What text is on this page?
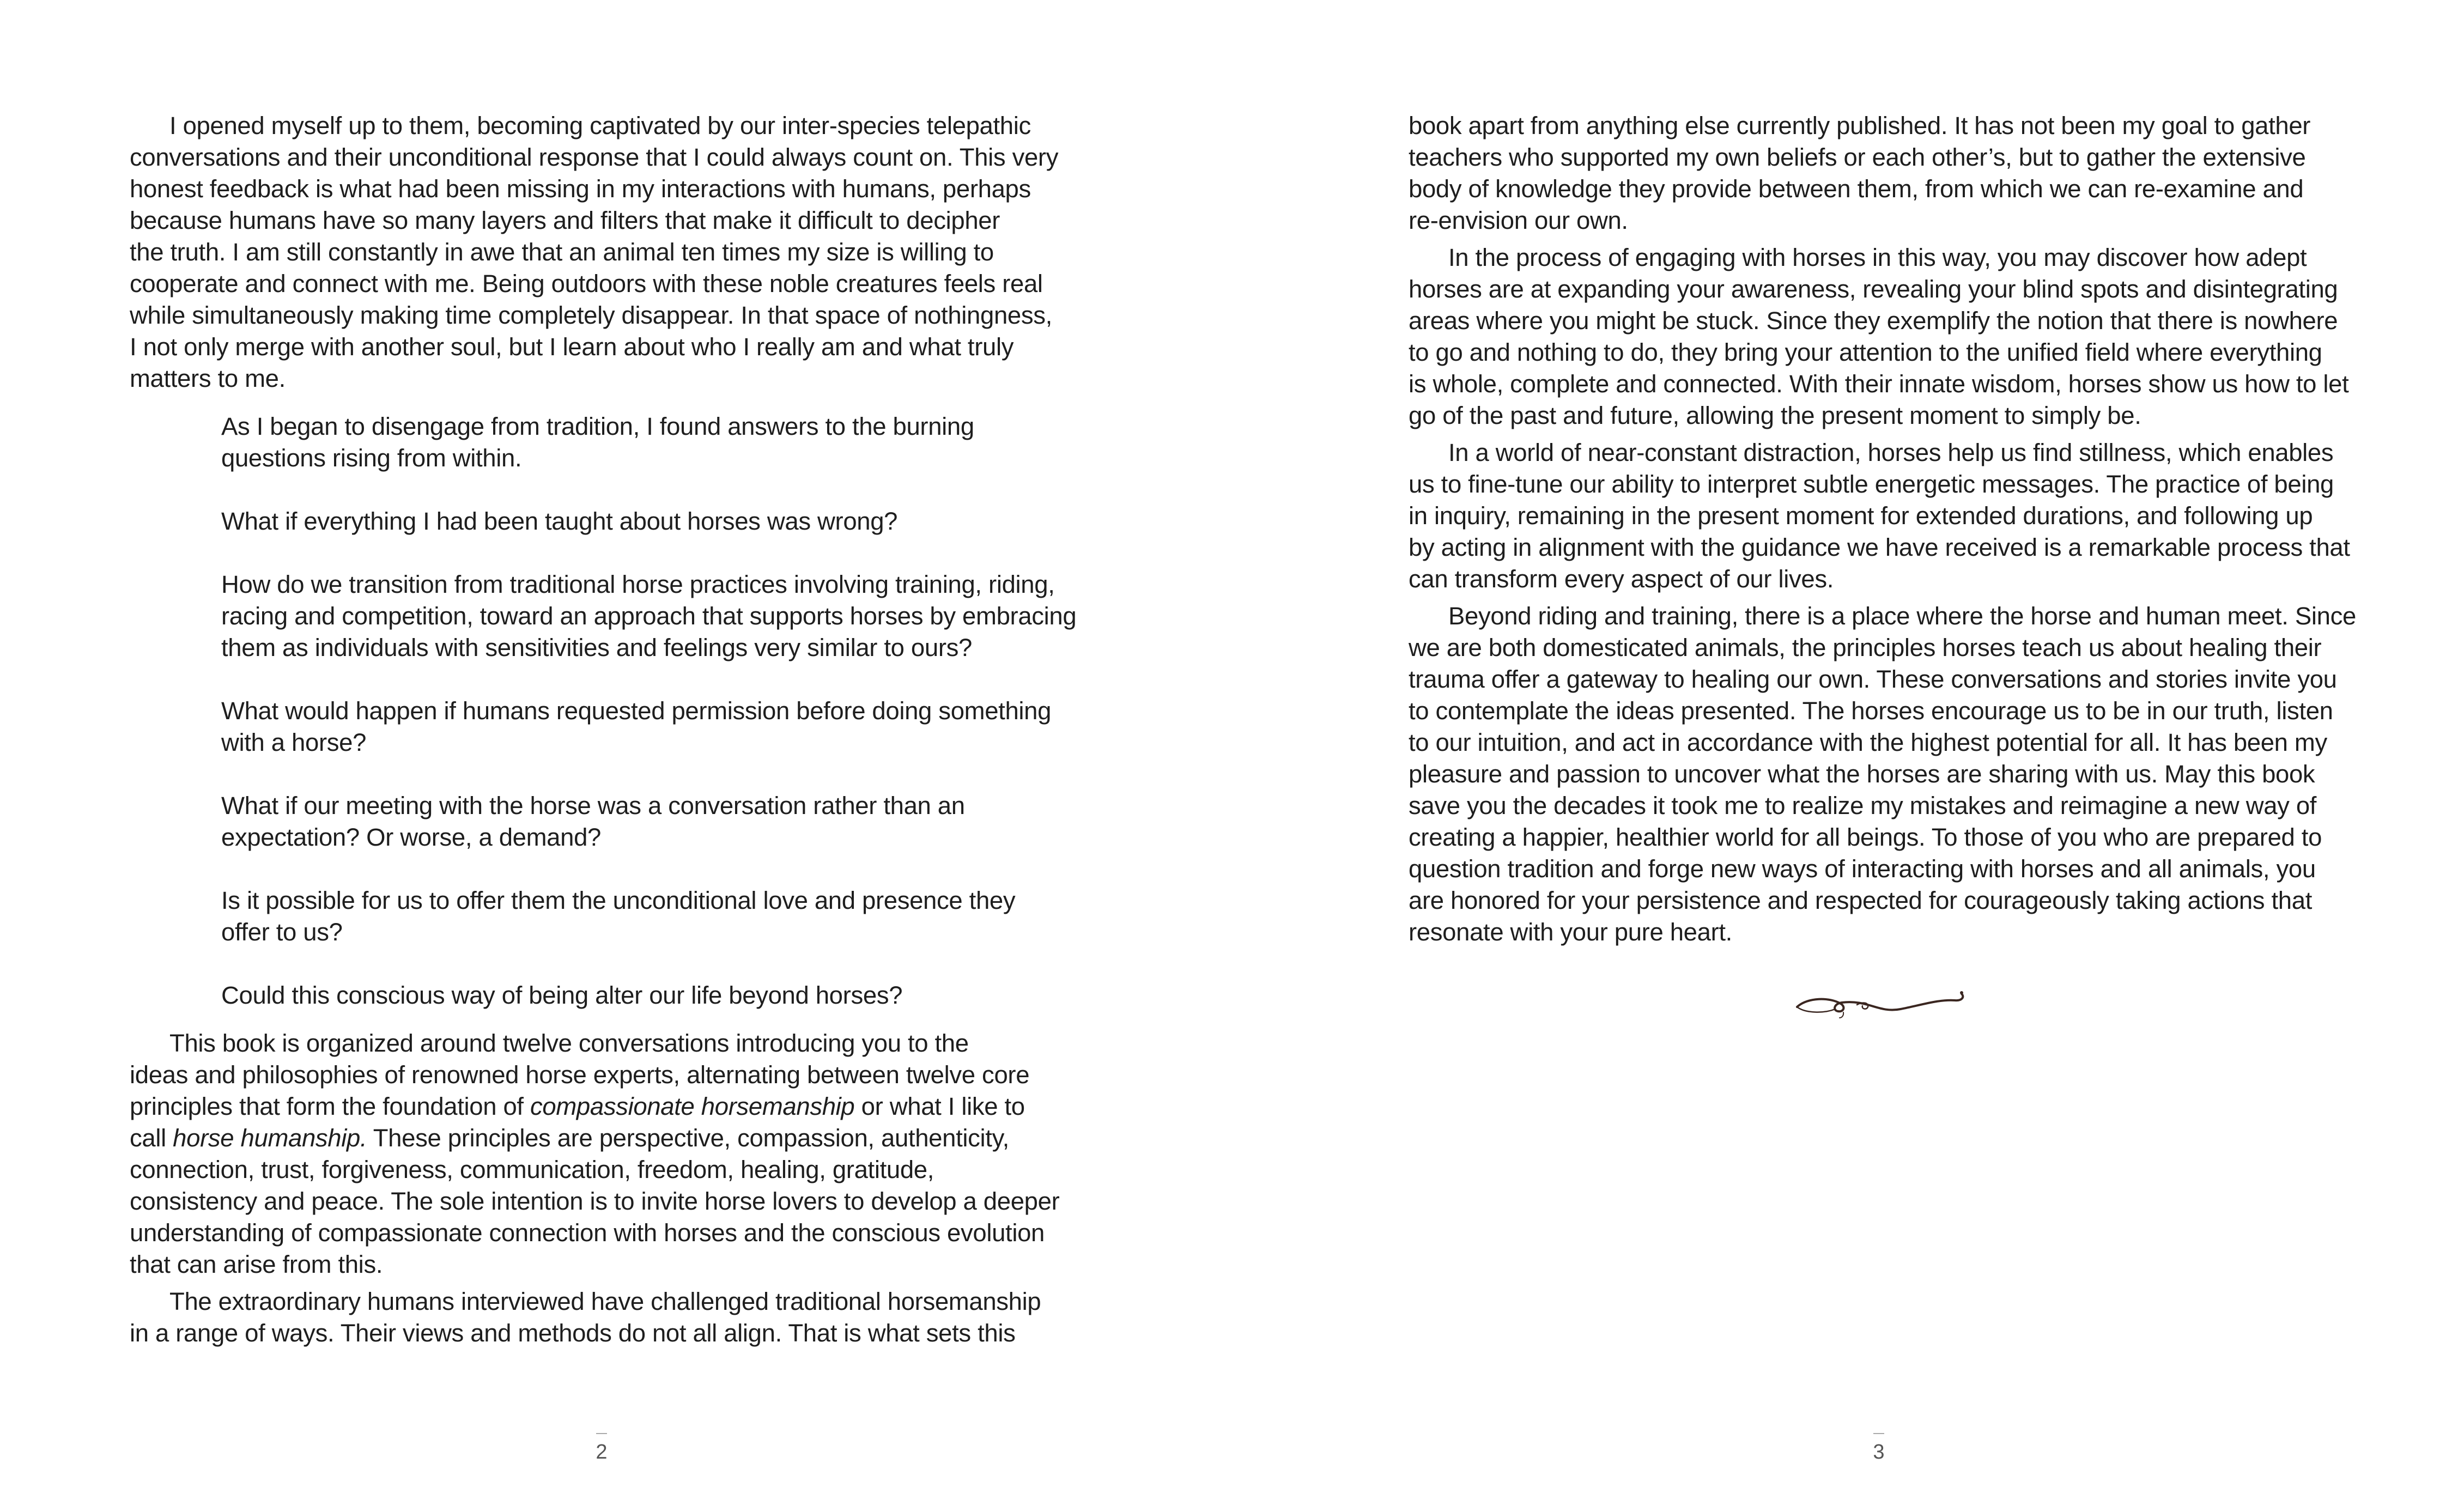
I opened myself up to them, becoming captivated by our inter-species telepathic
conversations and their unconditional response that I could always count on. This very
honest feedback is what had been missing in my interactions with humans, perhaps
because humans have so many layers and filters that make it difficult to decipher
the truth. I am still constantly in awe that an animal ten times my size is willing to
cooperate and connect with me. Being outdoors with these noble creatures feels real
while simultaneously making time completely disappear. In that space of nothingness,
I not only merge with another soul, but I learn about who I really am and what truly
matters to me.

As I began to disengage from tradition, I found answers to the burning
questions rising from within.

What if everything I had been taught about horses was wrong?

How do we transition from traditional horse practices involving training, riding,
racing and competition, toward an approach that supports horses by embracing
them as individuals with sensitivities and feelings very similar to ours?

What would happen if humans requested permission before doing something
with a horse?

What if our meeting with the horse was a conversation rather than an
expectation? Or worse, a demand?

Is it possible for us to offer them the unconditional love and presence they
offer to us?

Could this conscious way of being alter our life beyond horses?

This book is organized around twelve conversations introducing you to the
ideas and philosophies of renowned horse experts, alternating between twelve core
principles that form the foundation of compassionate horsemanship or what I like to
call horse humanship. These principles are perspective, compassion, authenticity,
connection, trust, forgiveness, communication, freedom, healing, gratitude,
consistency and peace. The sole intention is to invite horse lovers to develop a deeper
understanding of compassionate connection with horses and the conscious evolution
that can arise from this.

The extraordinary humans interviewed have challenged traditional horsemanship
in a range of ways. Their views and methods do not all align. That is what sets this

2

book apart from anything else currently published. It has not been my goal to gather
teachers who supported my own beliefs or each other’s, but to gather the extensive
body of knowledge they provide between them, from which we can re-examine and
re-envision our own.

In the process of engaging with horses in this way, you may discover how adept
horses are at expanding your awareness, revealing your blind spots and disintegrating
areas where you might be stuck. Since they exemplify the notion that there is nowhere
to go and nothing to do, they bring your attention to the unified field where everything
is whole, complete and connected. With their innate wisdom, horses show us how to let
go of the past and future, allowing the present moment to simply be.

In a world of near-constant distraction, horses help us find stillness, which enables
us to fine-tune our ability to interpret subtle energetic messages. The practice of being
in inquiry, remaining in the present moment for extended durations, and following up
by acting in alignment with the guidance we have received is a remarkable process that
can transform every aspect of our lives.

Beyond riding and training, there is a place where the horse and human meet. Since
we are both domesticated animals, the principles horses teach us about healing their
trauma offer a gateway to healing our own. These conversations and stories invite you
to contemplate the ideas presented. The horses encourage us to be in our truth, listen
to our intuition, and act in accordance with the highest potential for all. It has been my
pleasure and passion to uncover what the horses are sharing with us. May this book
save you the decades it took me to realize my mistakes and reimagine a new way of
creating a happier, healthier world for all beings. To those of you who are prepared to
question tradition and forge new ways of interacting with horses and all animals, you
are honored for your persistence and respected for courageously taking actions that
resonate with your pure heart.

3
